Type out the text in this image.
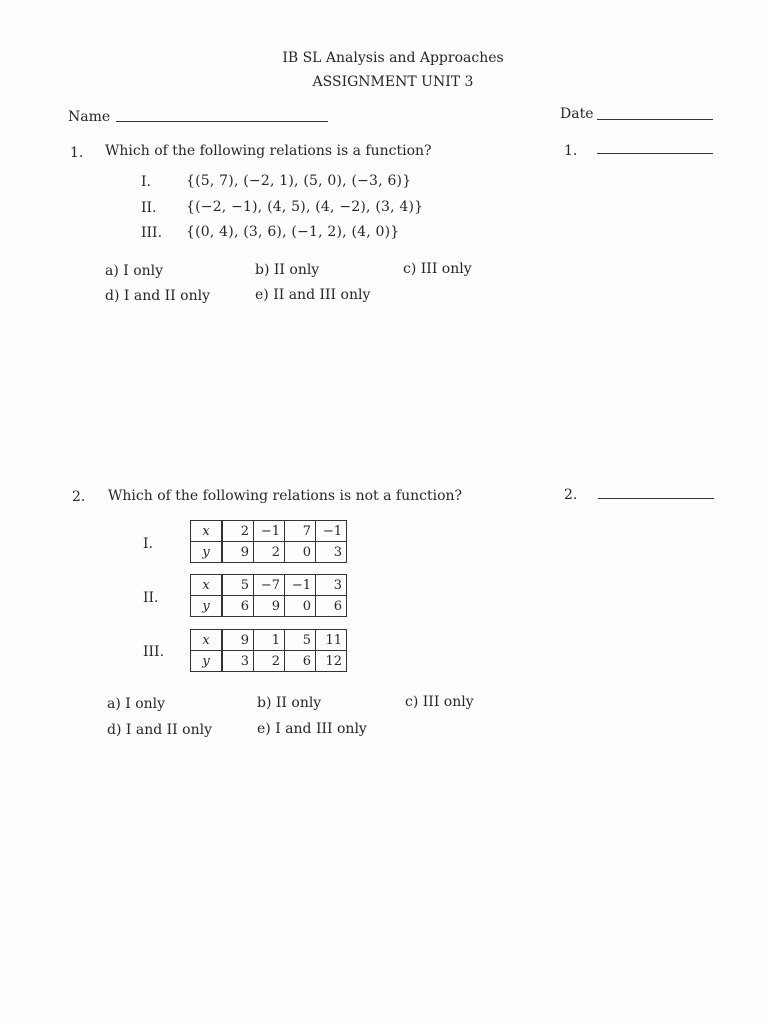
IB SL Analysis and Approaches
ASSIGNMENT UNIT 3
Name	Date
1. Which of the following relations is a function?	1.
I.	{(5, 7), (−2, 1), (5, 0), (−3, 6)}
II. {(−2, −1), (4, 5), (4, −2), (3, 4)}
III. {(0, 4), (3, 6), (−1, 2), (4, 0)}
a) I only	b) II only	c) III only
d) I and II only	e) II and III only
2. Which of the following relations is not a function?	2.
I.
x	2	−1	7	−1
y	9	2	0	3
II.
x	5	−7	−1	3
y	6	9	0	6
III.
x	9	1	5	11
y	3	2	6	12
a) I only	b) II only	c) III only
d) I and II only	e) I and III only
